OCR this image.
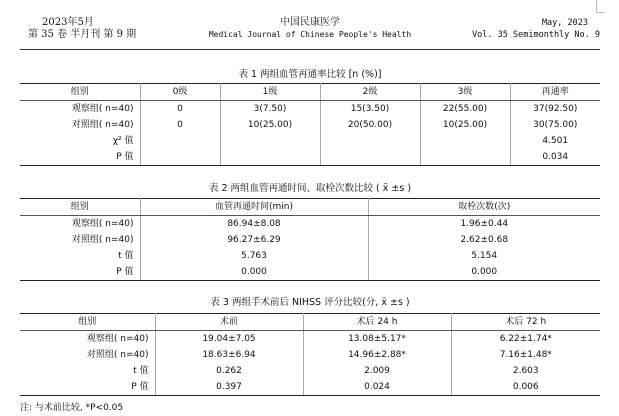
2023年5月
第 35 卷 半月刊 第 9 期
中国民康医学
Medical Journal of Chinese People's Health
May, 2023
Vol. 35 Semimonthly No. 9
表 1 两组血管再通率比较 [n (%)]
组别	0级	1级	2级	3级	再通率
观察组( n=40)	0	3(7.50)	15(3.50)	22(55.00)	37(92.50)
对照组( n=40)	0	10(25.00)	20(50.00)	10(25.00)	30(75.00)
χ² 值					4.501
P 值					0.034
表 2 两组血管再通时间、取栓次数比较 ( x̄ ±s )
组别	血管再通时间(min)	取栓次数(次)
观察组( n=40)	86.94±8.08	1.96±0.44
对照组( n=40)	96.27±6.29	2.62±0.68
t 值	5.763	5.154
P 值	0.000	0.000
表 3 两组手术前后 NIHSS 评分比较(分, x̄ ±s )
组别	术前	术后 24 h	术后 72 h
观察组( n=40)	19.04±7.05	13.08±5.17*	6.22±1.74*
对照组( n=40)	18.63±6.94	14.96±2.88*	7.16±1.48*
t 值	0.262	2.009	2.603
P 值	0.397	0.024	0.006
注: 与术前比较, *P<0.05
